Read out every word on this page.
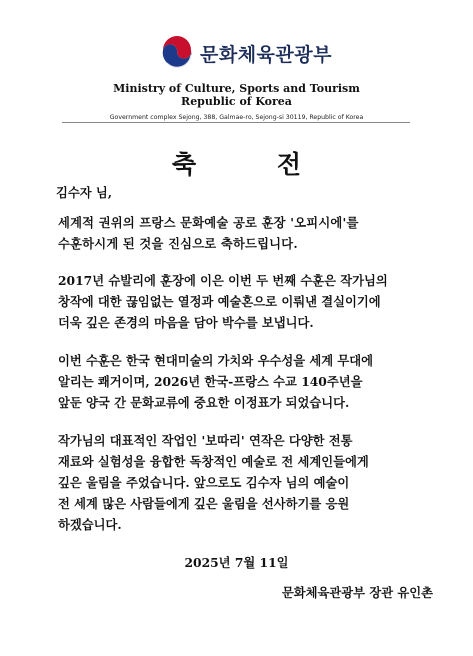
문화체육관광부
Ministry of Culture, Sports and Tourism
Republic of Korea
Government complex Sejong, 388, Galmae-ro, Sejong-si 30119, Republic of Korea
축 전
김수자 님,
세계적 권위의 프랑스 문화예술 공로 훈장 '오피시에'를
수훈하시게 된 것을 진심으로 축하드립니다.
2017년 슈발리에 훈장에 이은 이번 두 번째 수훈은 작가님의
창작에 대한 끊임없는 열정과 예술혼으로 이뤄낸 결실이기에
더욱 깊은 존경의 마음을 담아 박수를 보냅니다.
이번 수훈은 한국 현대미술의 가치와 우수성을 세계 무대에
알리는 쾌거이며, 2026년 한국-프랑스 수교 140주년을
앞둔 양국 간 문화교류에 중요한 이정표가 되었습니다.
작가님의 대표적인 작업인 '보따리' 연작은 다양한 전통
재료와 실험성을 융합한 독창적인 예술로 전 세계인들에게
깊은 울림을 주었습니다. 앞으로도 김수자 님의 예술이
전 세계 많은 사람들에게 깊은 울림을 선사하기를 응원
하겠습니다.
2025년 7월 11일
문화체육관광부 장관 유인촌
